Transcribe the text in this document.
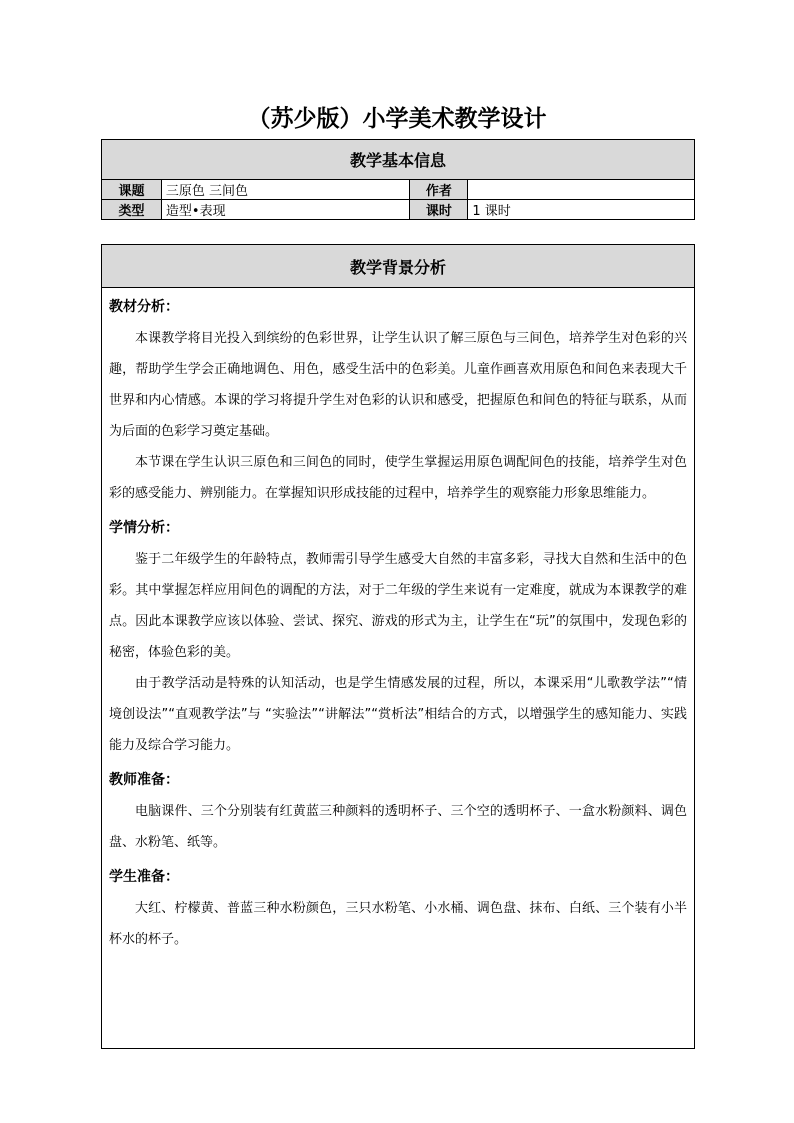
（苏少版）小学美术教学设计
教学基本信息			
课题	三原色 三间色	作者	
类型	造型•表现	课时	1 课时
教学背景分析

教材分析：
本课教学将目光投入到缤纷的色彩世界，让学生认识了解三原色与三间色，培养学生对色彩的兴趣，帮助学生学会正确地调色、用色，感受生活中的色彩美。儿童作画喜欢用原色和间色来表现大千世界和内心情感。本课的学习将提升学生对色彩的认识和感受，把握原色和间色的特征与联系，从而为后面的色彩学习奠定基础。
本节课在学生认识三原色和三间色的同时，使学生掌握运用原色调配间色的技能，培养学生对色彩的感受能力、辨别能力。在掌握知识形成技能的过程中，培养学生的观察能力形象思维能力。
学情分析：
鉴于二年级学生的年龄特点，教师需引导学生感受大自然的丰富多彩，寻找大自然和生活中的色彩。其中掌握怎样应用间色的调配的方法，对于二年级的学生来说有一定难度，就成为本课教学的难点。因此本课教学应该以体验、尝试、探究、游戏的形式为主，让学生在“玩”的氛围中，发现色彩的秘密，体验色彩的美。
由于教学活动是特殊的认知活动，也是学生情感发展的过程，所以，本课采用“儿歌教学法”“情境创设法”“直观教学法”与 “实验法”“讲解法”“赏析法”相结合的方式，以增强学生的感知能力、实践能力及综合学习能力。
教师准备：
电脑课件、三个分别装有红黄蓝三种颜料的透明杯子、三个空的透明杯子、一盒水粉颜料、调色盘、水粉笔、纸等。
学生准备：
大红、柠檬黄、普蓝三种水粉颜色，三只水粉笔、小水桶、调色盘、抹布、白纸、三个装有小半杯水的杯子。
